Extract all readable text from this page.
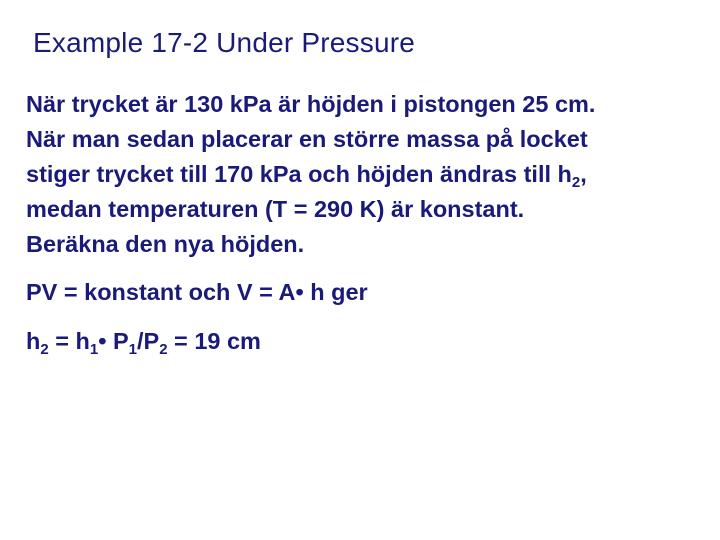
Example 17-2 Under Pressure

När trycket är 130 kPa är höjden i pistongen 25 cm.
När man sedan placerar en större massa på locket
stiger trycket till 170 kPa och höjden ändras till $h_2$,
medan temperaturen (T = 290 K) är konstant.
Beräkna den nya höjden.

PV = konstant och V = A• h ger

$h_2$ = $h_1•$ $P_1/P_2 = 19$ cm
